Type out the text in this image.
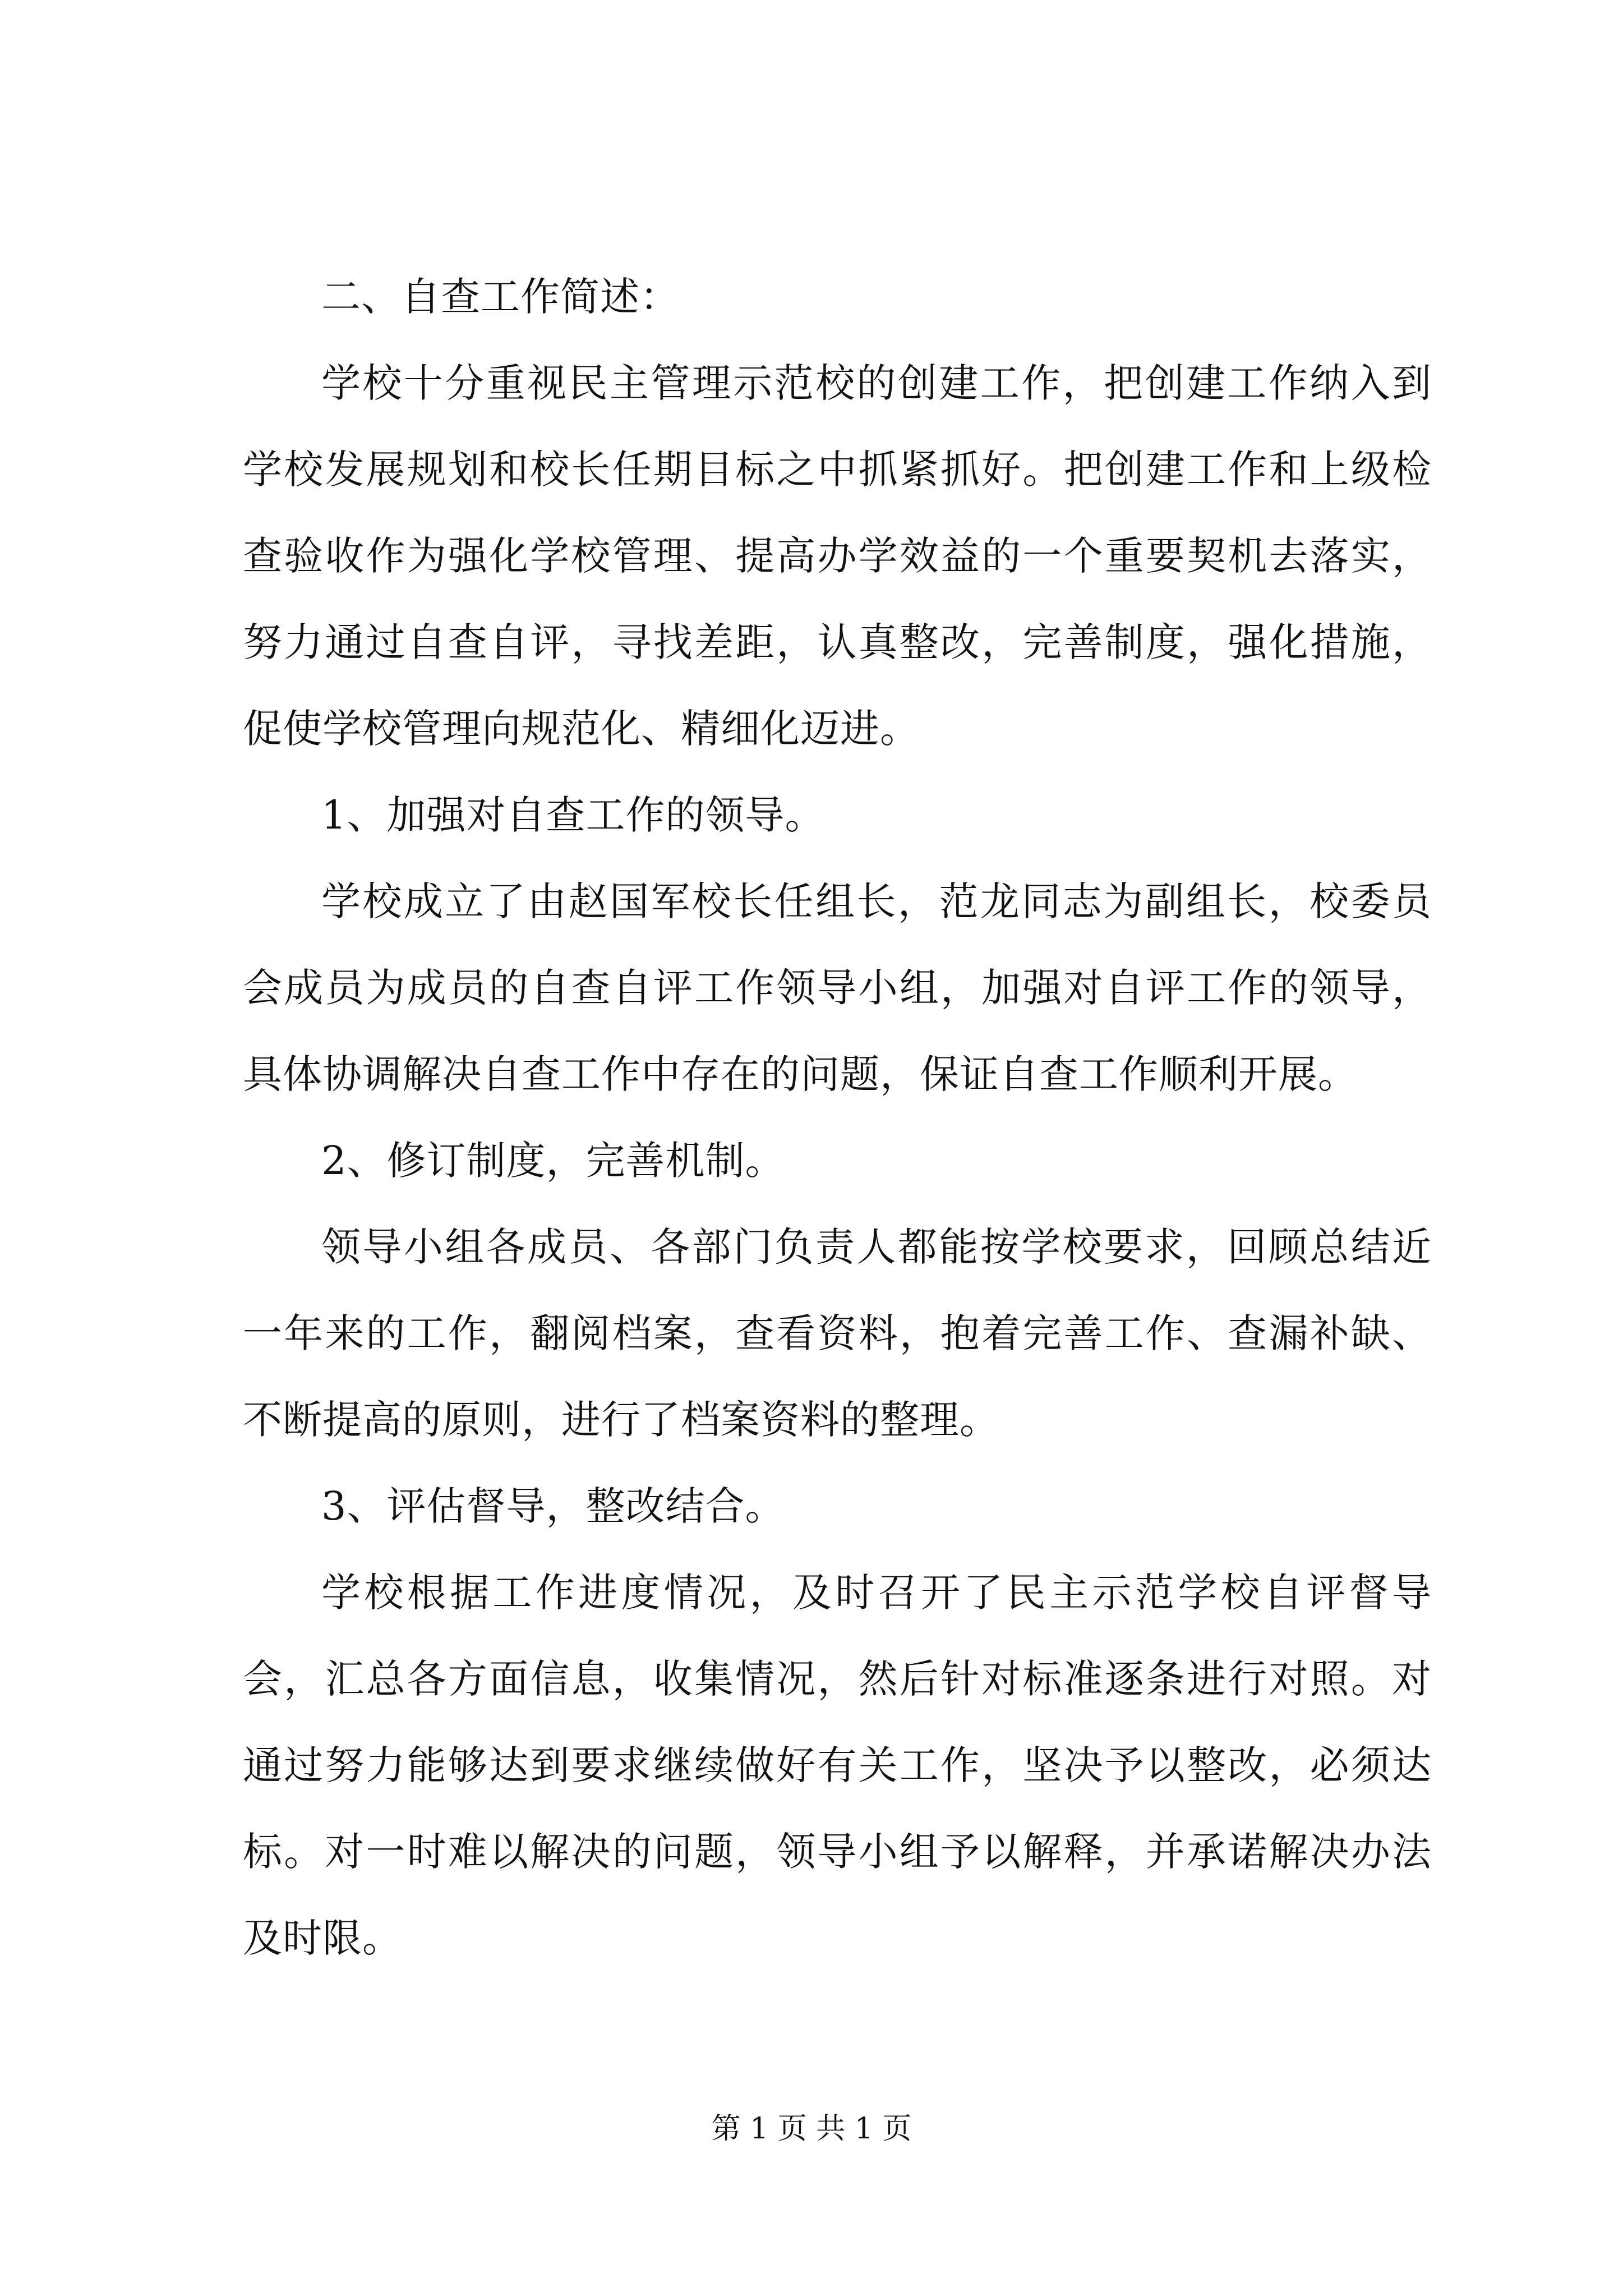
二、自查工作简述：

学校十分重视民主管理示范校的创建工作，把创建工作纳入到学校发展规划和校长任期目标之中抓紧抓好。把创建工作和上级检查验收作为强化学校管理、提高办学效益的一个重要契机去落实，努力通过自查自评，寻找差距，认真整改，完善制度，强化措施，促使学校管理向规范化、精细化迈进。

1、加强对自查工作的领导。

学校成立了由赵国军校长任组长，范龙同志为副组长，校委员会成员为成员的自查自评工作领导小组，加强对自评工作的领导，具体协调解决自查工作中存在的问题，保证自查工作顺利开展。

2、修订制度，完善机制。

领导小组各成员、各部门负责人都能按学校要求，回顾总结近一年来的工作，翻阅档案，查看资料，抱着完善工作、查漏补缺、不断提高的原则，进行了档案资料的整理。

3、评估督导，整改结合。

学校根据工作进度情况，及时召开了民主示范学校自评督导会，汇总各方面信息，收集情况，然后针对标准逐条进行对照。对通过努力能够达到要求继续做好有关工作，坚决予以整改，必须达标。对一时难以解决的问题，领导小组予以解释，并承诺解决办法及时限。

第 1 页 共 1 页
